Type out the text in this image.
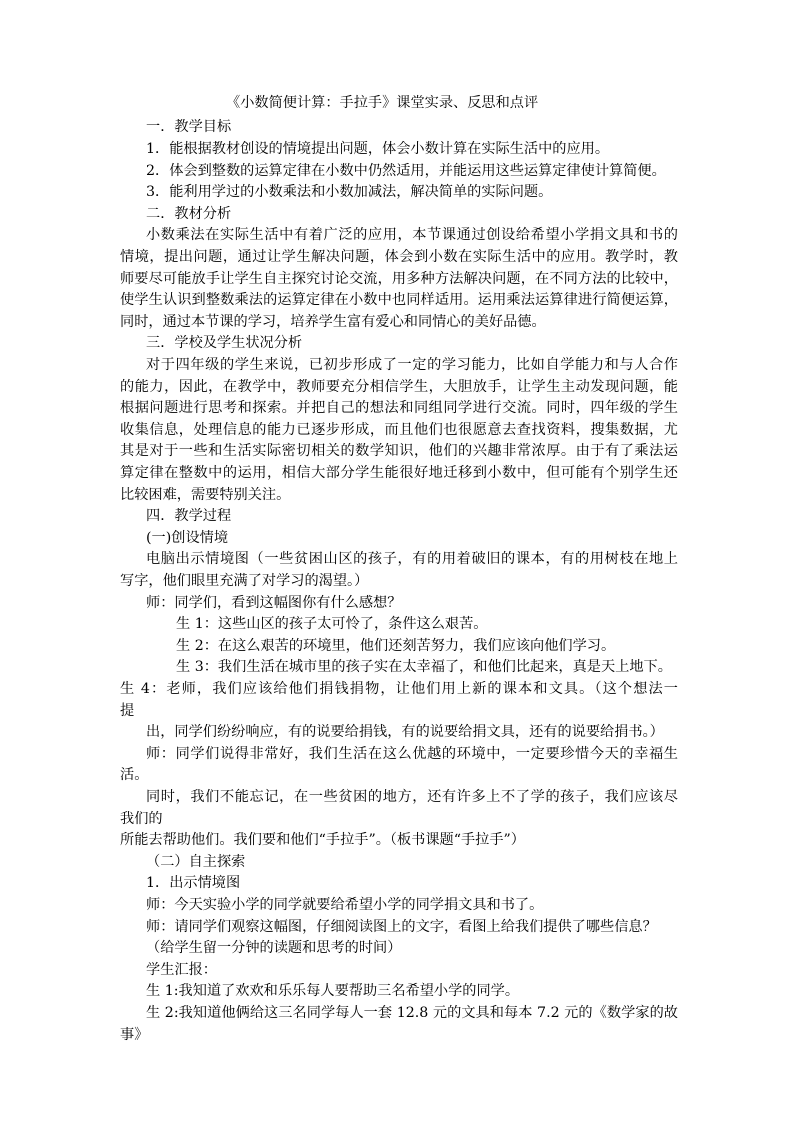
《小数简便计算：手拉手》课堂实录、反思和点评

一．教学目标

1．能根据教材创设的情境提出问题，体会小数计算在实际生活中的应用。

2．体会到整数的运算定律在小数中仍然适用，并能运用这些运算定律使计算简便。

3．能利用学过的小数乘法和小数加减法，解决简单的实际问题。

二．教材分析

小数乘法在实际生活中有着广泛的应用，本节课通过创设给希望小学捐文具和书的

情境，提出问题，通过让学生解决问题，体会到小数在实际生活中的应用。教学时，教

师要尽可能放手让学生自主探究讨论交流，用多种方法解决问题，在不同方法的比较中，

使学生认识到整数乘法的运算定律在小数中也同样适用。运用乘法运算律进行简便运算，

同时，通过本节课的学习，培养学生富有爱心和同情心的美好品德。

三．学校及学生状况分析

对于四年级的学生来说，已初步形成了一定的学习能力，比如自学能力和与人合作

的能力，因此，在教学中，教师要充分相信学生，大胆放手，让学生主动发现问题，能

根据问题进行思考和探索。并把自己的想法和同组同学进行交流。同时，四年级的学生

收集信息，处理信息的能力已逐步形成，而且他们也很愿意去查找资料，搜集数据，尤

其是对于一些和生活实际密切相关的数学知识，他们的兴趣非常浓厚。由于有了乘法运

算定律在整数中的运用，相信大部分学生能很好地迁移到小数中，但可能有个别学生还

比较困难，需要特别关注。

四．教学过程

(一)创设情境

电脑出示情境图（一些贫困山区的孩子，有的用着破旧的课本，有的用树枝在地上

写字，他们眼里充满了对学习的渴望。）

师：同学们，看到这幅图你有什么感想？

生 1：这些山区的孩子太可怜了，条件这么艰苦。

生 2：在这么艰苦的环境里，他们还刻苦努力，我们应该向他们学习。

生 3：我们生活在城市里的孩子实在太幸福了，和他们比起来，真是天上地下。

生 4：老师，我们应该给他们捐钱捐物，让他们用上新的课本和文具。（这个想法一

提

出，同学们纷纷响应，有的说要给捐钱，有的说要给捐文具，还有的说要给捐书。）

师：同学们说得非常好，我们生活在这么优越的环境中，一定要珍惜今天的幸福生

活。

同时，我们不能忘记，在一些贫困的地方，还有许多上不了学的孩子，我们应该尽

我们的

所能去帮助他们。我们要和他们“手拉手”。（板书课题“手拉手”）

（二）自主探索

1．出示情境图

师：今天实验小学的同学就要给希望小学的同学捐文具和书了。

师：请同学们观察这幅图，仔细阅读图上的文字，看图上给我们提供了哪些信息？

（给学生留一分钟的读题和思考的时间）

学生汇报：

生 1:我知道了欢欢和乐乐每人要帮助三名希望小学的同学。

生 2:我知道他俩给这三名同学每人一套 12.8 元的文具和每本 7.2 元的《数学家的故

事》
